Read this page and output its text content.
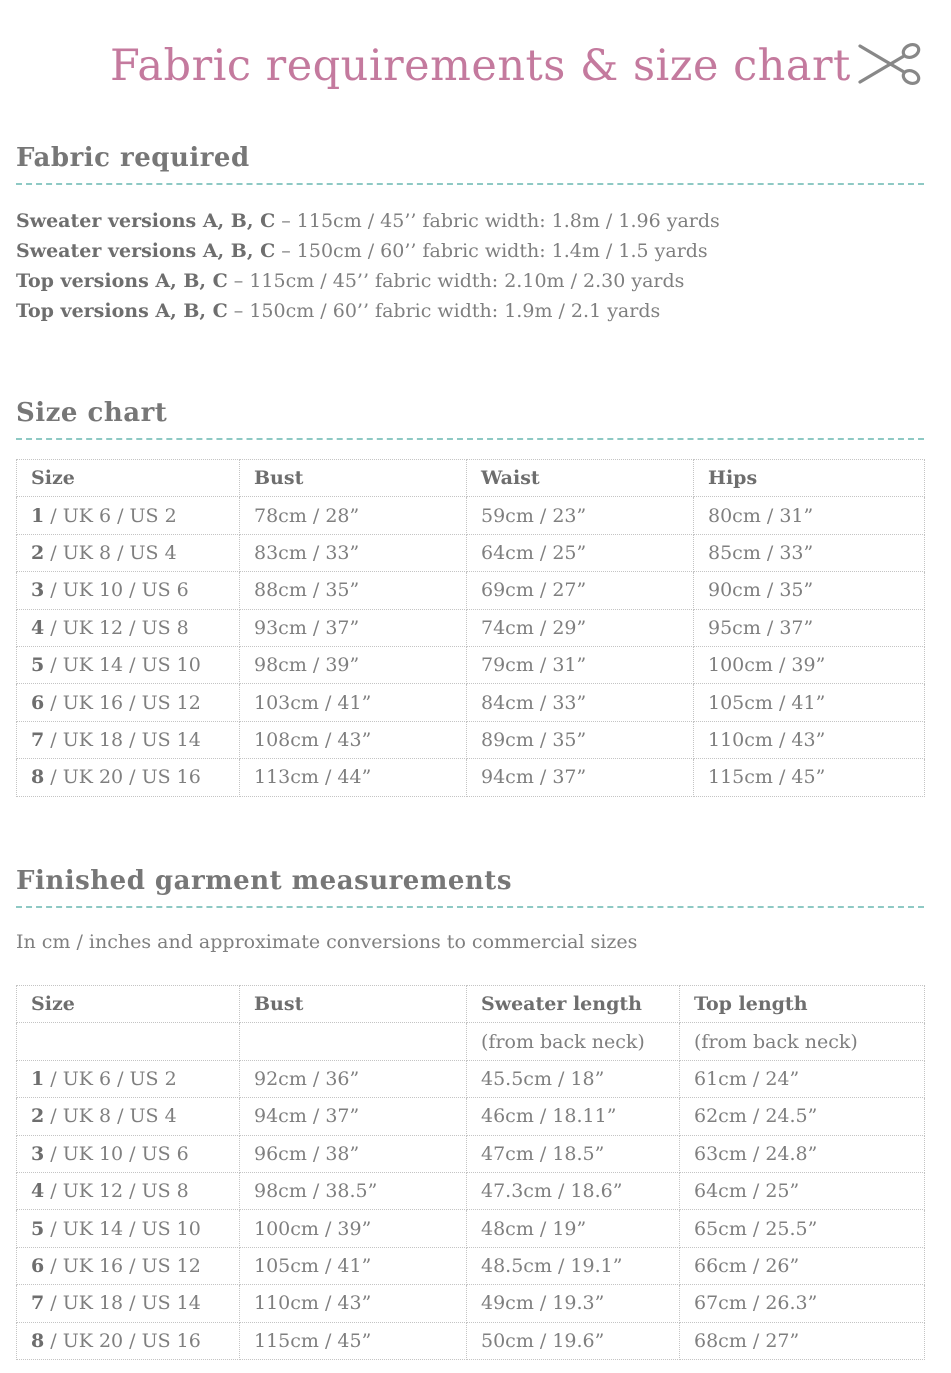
Fabric requirements & size chart
Fabric required
Sweater versions A, B, C – 115cm / 45’’ fabric width: 1.8m / 1.96 yards
Sweater versions A, B, C – 150cm / 60’’ fabric width: 1.4m / 1.5 yards
Top versions A, B, C – 115cm / 45’’ fabric width: 2.10m / 2.30 yards
Top versions A, B, C – 150cm / 60’’ fabric width: 1.9m / 2.1 yards
Size chart
Size	Bust	Waist	Hips
1 / UK 6 / US 2	78cm / 28”	59cm / 23”	80cm / 31”
2 / UK 8 / US 4	83cm / 33”	64cm / 25”	85cm / 33”
3 / UK 10 / US 6	88cm / 35”	69cm / 27”	90cm / 35”
4 / UK 12 / US 8	93cm / 37”	74cm / 29”	95cm / 37”
5 / UK 14 / US 10	98cm / 39”	79cm / 31”	100cm / 39”
6 / UK 16 / US 12	103cm / 41”	84cm / 33”	105cm / 41”
7 / UK 18 / US 14	108cm / 43”	89cm / 35”	110cm / 43”
8 / UK 20 / US 16	113cm / 44”	94cm / 37”	115cm / 45”
Finished garment measurements

In cm / inches and approximate conversions to commercial sizes

Size	Bust	Sweater length	Top length
		(from back neck)	(from back neck)
1 / UK 6 / US 2	92cm / 36”	45.5cm / 18”	61cm / 24”
2 / UK 8 / US 4	94cm / 37”	46cm / 18.11”	62cm / 24.5”
3 / UK 10 / US 6	96cm / 38”	47cm / 18.5”	63cm / 24.8”
4 / UK 12 / US 8	98cm / 38.5”	47.3cm / 18.6”	64cm / 25”
5 / UK 14 / US 10	100cm / 39”	48cm / 19”	65cm / 25.5”
6 / UK 16 / US 12	105cm / 41”	48.5cm / 19.1”	66cm / 26”
7 / UK 18 / US 14	110cm / 43”	49cm / 19.3”	67cm / 26.3”
8 / UK 20 / US 16	115cm / 45”	50cm / 19.6”	68cm / 27”
